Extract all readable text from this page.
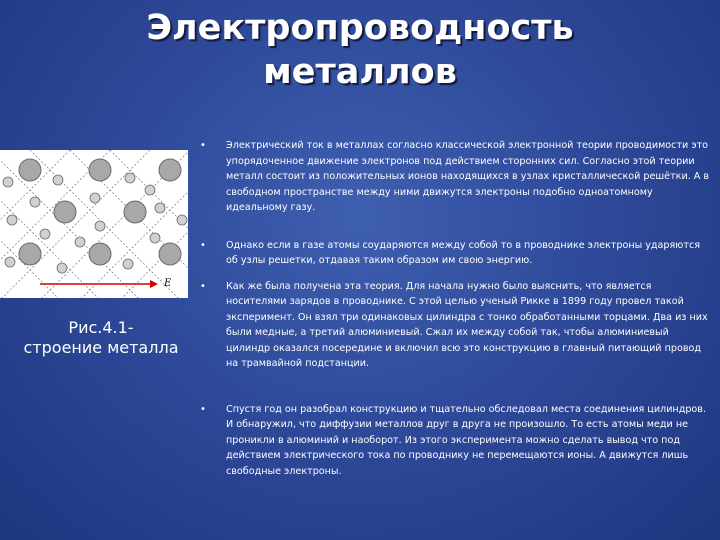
Электропроводность
металлов
E
Рис.4.1-
строение металла
• Электрический ток в металлах согласно классической электронной теории проводимости это упорядоченное движение электронов под действием сторонних сил. Согласно этой теории металл состоит из положительных ионов находящихся в узлах кристаллической решётки. А в свободном пространстве между ними движутся электроны подобно одноатомному идеальному газу.
• Однако если в газе атомы соударяются между собой то в проводнике электроны ударяются об узлы решетки, отдавая таким образом им свою энергию.
• Как же была получена эта теория. Для начала нужно было выяснить, что является носителями зарядов в проводнике. С этой целью ученый Рикке в 1899 году провел такой эксперимент. Он взял три одинаковых цилиндра с тонко обработанными торцами. Два из них были медные, а третий алюминиевый. Сжал их между собой так, чтобы алюминиевый цилиндр оказался посередине и включил всю это конструкцию в главный питающий провод на трамвайной подстанции.
• Спустя год он разобрал конструкцию и тщательно обследовал места соединения цилиндров. И обнаружил, что диффузии металлов друг в друга не произошло. То есть атомы меди не проникли в алюминий и наоборот. Из этого эксперимента можно сделать вывод что под действием электрического тока по проводнику не перемещаются ионы. А движутся лишь свободные электроны.
